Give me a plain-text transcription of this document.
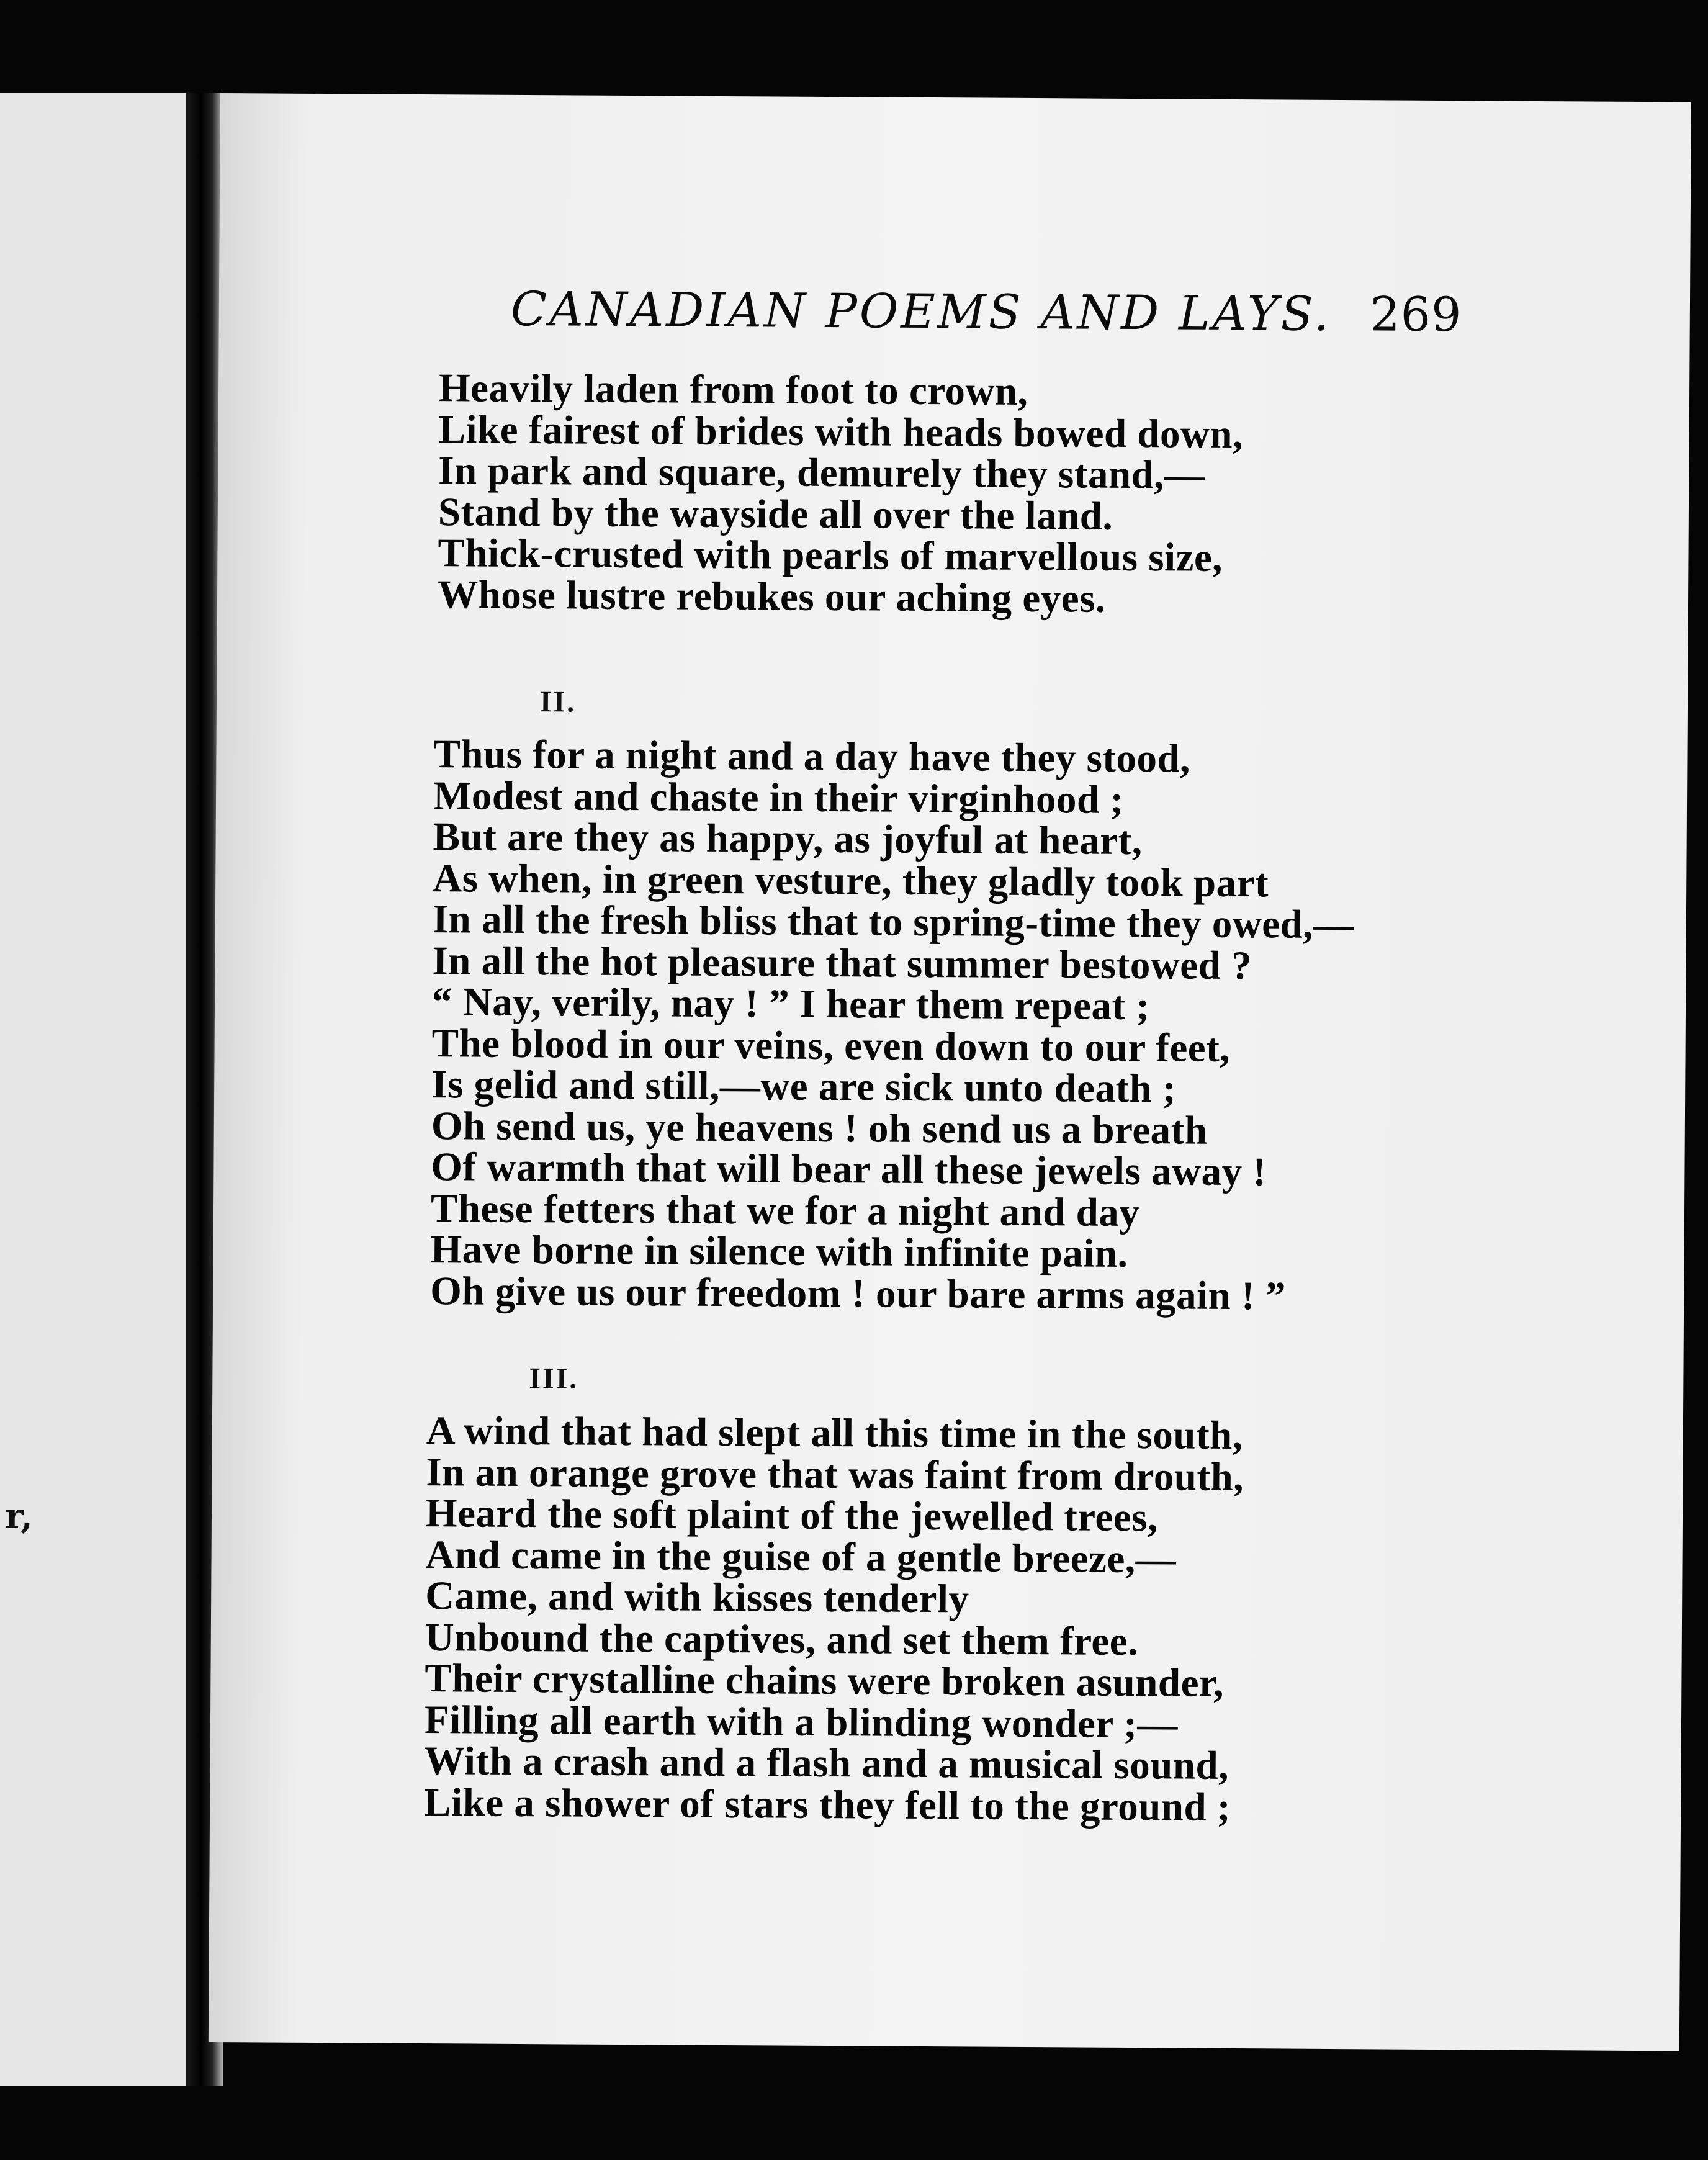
r,
CANADIAN POEMS AND LAYS. 269
Heavily laden from foot to crown,
Like fairest of brides with heads bowed down,
In park and square, demurely they stand,—
Stand by the wayside all over the land.
Thick-crusted with pearls of marvellous size,
Whose lustre rebukes our aching eyes.
II.
Thus for a night and a day have they stood,
Modest and chaste in their virginhood ;
But are they as happy, as joyful at heart,
As when, in green vesture, they gladly took part
In all the fresh bliss that to spring-time they owed,—
In all the hot pleasure that summer bestowed ?
“ Nay, verily, nay ! ” I hear them repeat ;
The blood in our veins, even down to our feet,
Is gelid and still,—we are sick unto death ;
Oh send us, ye heavens ! oh send us a breath
Of warmth that will bear all these jewels away !
These fetters that we for a night and day
Have borne in silence with infinite pain.
Oh give us our freedom ! our bare arms again ! ”
III.
A wind that had slept all this time in the south,
In an orange grove that was faint from drouth,
Heard the soft plaint of the jewelled trees,
And came in the guise of a gentle breeze,—
Came, and with kisses tenderly
Unbound the captives, and set them free.
Their crystalline chains were broken asunder,
Filling all earth with a blinding wonder ;—
With a crash and a flash and a musical sound,
Like a shower of stars they fell to the ground ;
